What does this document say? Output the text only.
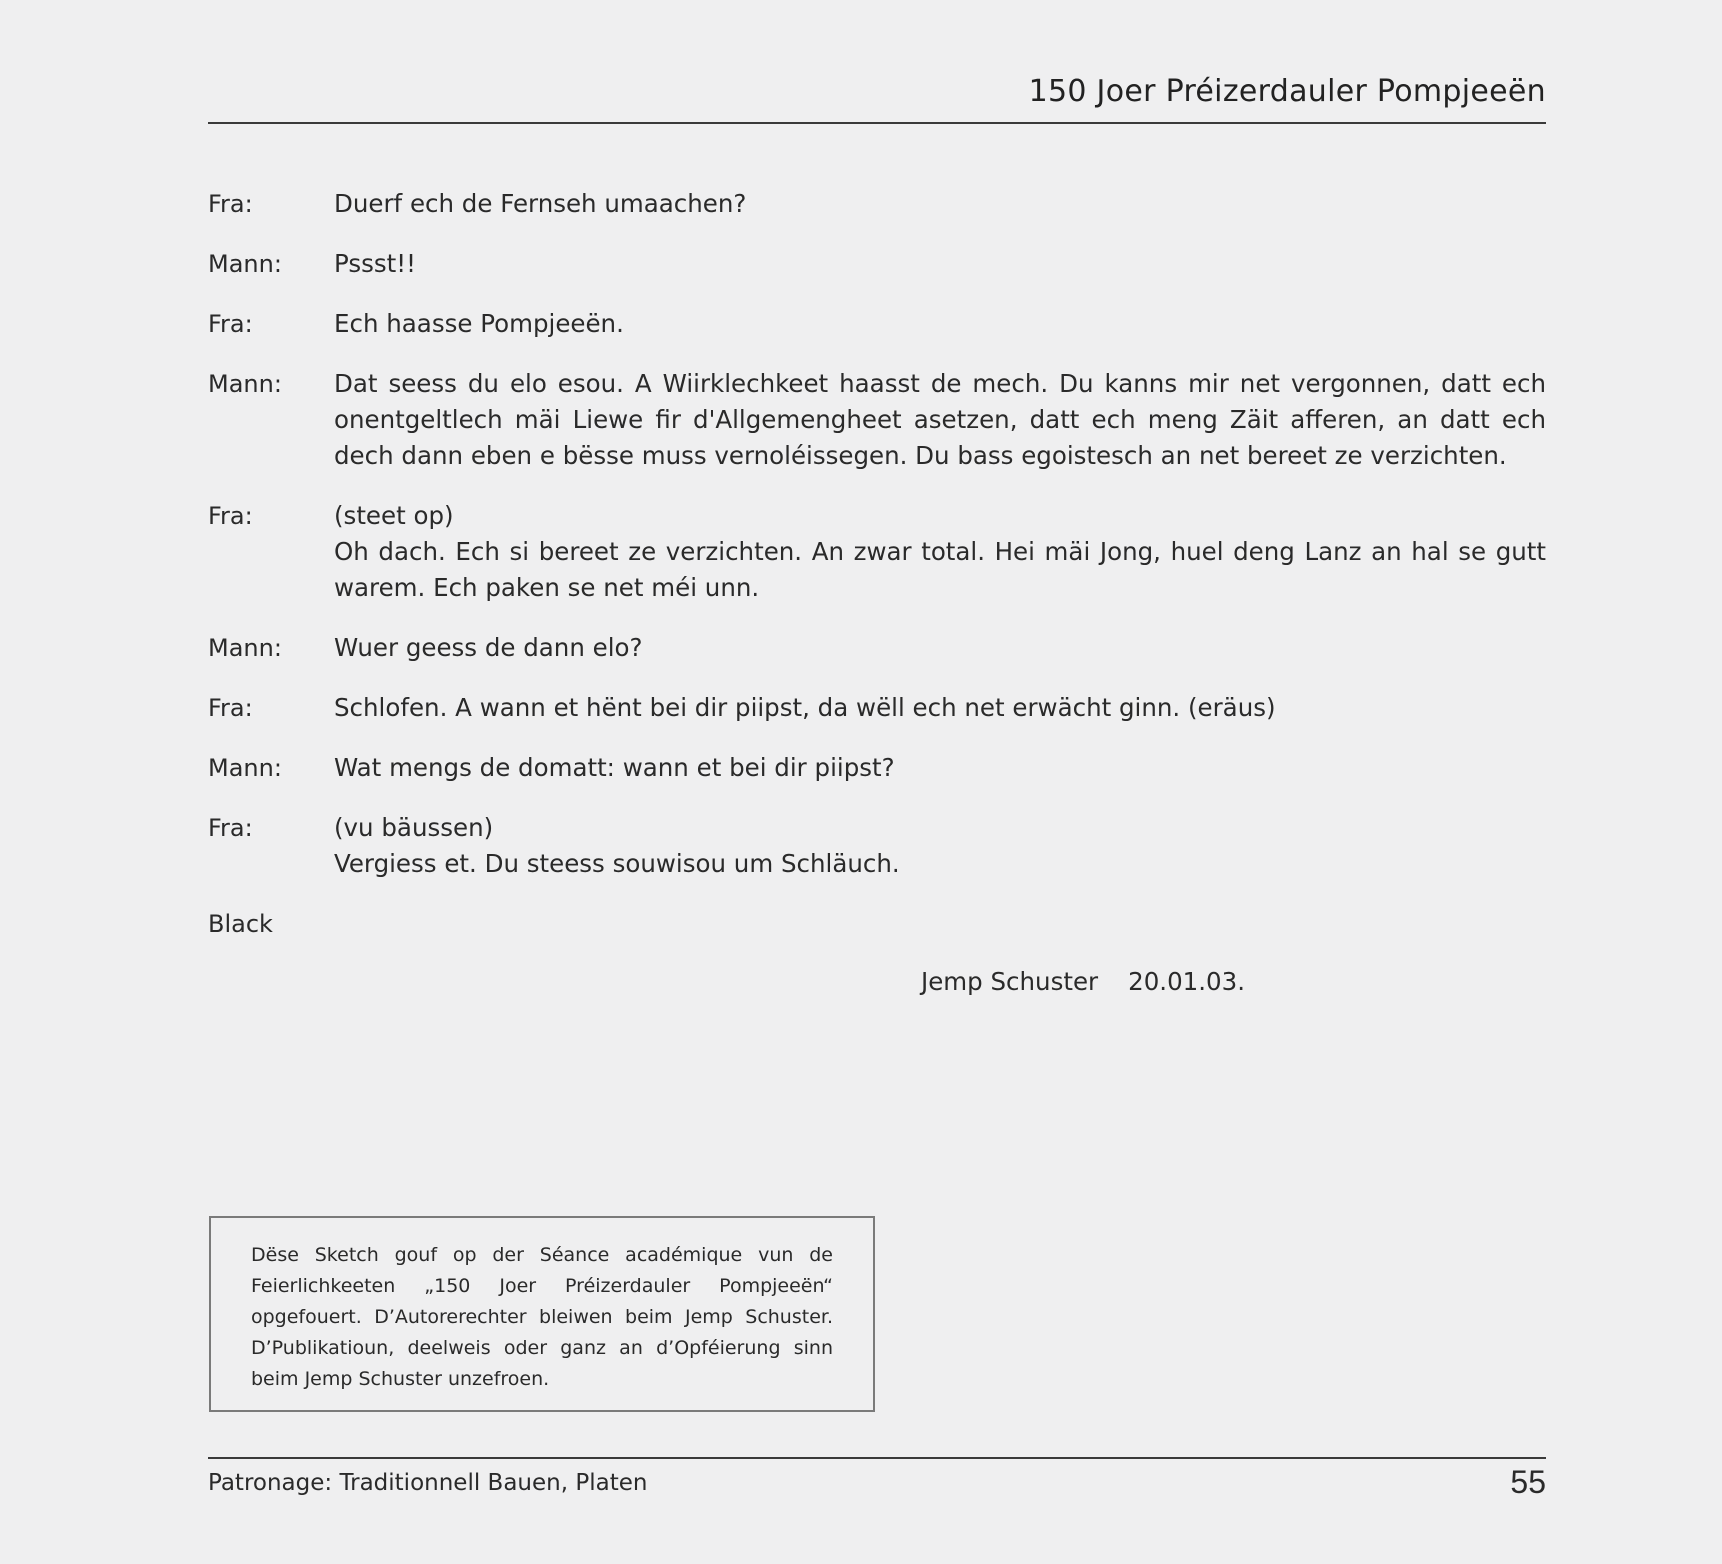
150 Joer Préizerdauler Pompjeeën
Fra:	Duerf ech de Fernseh umaachen?
Mann:	Pssst!!
Fra:	Ech haasse Pompjeeën.
Mann:	Dat seess du elo esou. A Wiirklechkeet haasst de mech. Du kanns mir net vergonnen, datt ech onentgeltlech mäi Liewe fir d'Allgemengheet asetzen, datt ech meng Zäit afferen, an datt ech dech dann eben e bësse muss vernoléissegen. Du bass egoistesch an net bereet ze verzichten.
Fra:	(steet op)
Oh dach. Ech si bereet ze verzichten. An zwar total. Hei mäi Jong, huel deng Lanz an hal se gutt warem. Ech paken se net méi unn.
Mann:	Wuer geess de dann elo?
Fra:	Schlofen. A wann et hënt bei dir piipst, da wëll ech net erwächt ginn. (eräus)
Mann:	Wat mengs de domatt: wann et bei dir piipst?
Fra:	(vu bäussen)
Vergiess et. Du steess souwisou um Schläuch.
Black
Jemp Schuster 20.01.03.
Dëse Sketch gouf op der Séance académique vun de Feierlichkeeten „150 Joer Préizerdauler Pompjeeën“ opgefouert. D’Autorerechter bleiwen beim Jemp Schuster. D’Publikatioun, deelweis oder ganz an d’Opféierung sinn beim Jemp Schuster unzefroen.
Patronage: Traditionnell Bauen, Platen	55
